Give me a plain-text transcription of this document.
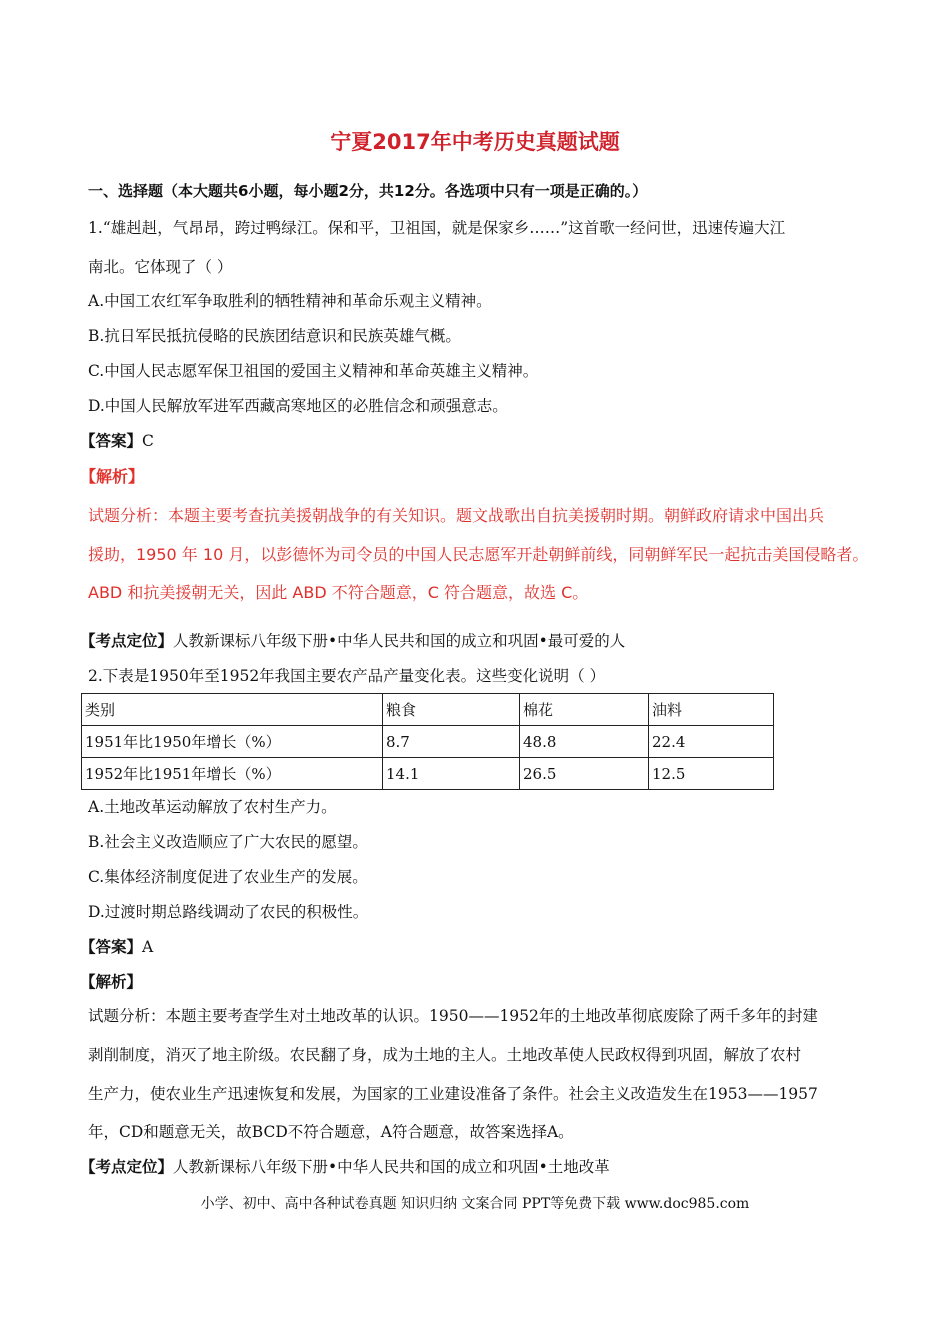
宁夏2017年中考历史真题试题
一、选择题（本大题共6小题，每小题2分，共12分。各选项中只有一项是正确的。）
1.“雄赳赳，气昂昂，跨过鸭绿江。保和平，卫祖国，就是保家乡……”这首歌一经问世，迅速传遍大江
南北。它体现了（ ）
A.中国工农红军争取胜利的牺牲精神和革命乐观主义精神。
B.抗日军民抵抗侵略的民族团结意识和民族英雄气概。
C.中国人民志愿军保卫祖国的爱国主义精神和革命英雄主义精神。
D.中国人民解放军进军西藏高寒地区的必胜信念和顽强意志。
【答案】C
【解析】
试题分析：本题主要考查抗美援朝战争的有关知识。题文战歌出自抗美援朝时期。朝鲜政府请求中国出兵
援助，1950 年 10 月，以彭德怀为司令员的中国人民志愿军开赴朝鲜前线，同朝鲜军民一起抗击美国侵略者。
ABD 和抗美援朝无关，因此 ABD 不符合题意，C 符合题意，故选 C。
【考点定位】人教新课标八年级下册•中华人民共和国的成立和巩固•最可爱的人
2.下表是1950年至1952年我国主要农产品产量变化表。这些变化说明（ ）
类别	粮食	棉花	油料
1951年比1950年增长（%）	8.7	48.8	22.4
1952年比1951年增长（%）	14.1	26.5	12.5
A.土地改革运动解放了农村生产力。
B.社会主义改造顺应了广大农民的愿望。
C.集体经济制度促进了农业生产的发展。
D.过渡时期总路线调动了农民的积极性。
【答案】A
【解析】
试题分析：本题主要考查学生对土地改革的认识。1950——1952年的土地改革彻底废除了两千多年的封建
剥削制度，消灭了地主阶级。农民翻了身，成为土地的主人。土地改革使人民政权得到巩固，解放了农村
生产力，使农业生产迅速恢复和发展，为国家的工业建设准备了条件。社会主义改造发生在1953——1957
年，CD和题意无关，故BCD不符合题意，A符合题意，故答案选择A。
【考点定位】人教新课标八年级下册•中华人民共和国的成立和巩固•土地改革
小学、初中、高中各种试卷真题 知识归纳 文案合同 PPT等免费下载 www.doc985.com
